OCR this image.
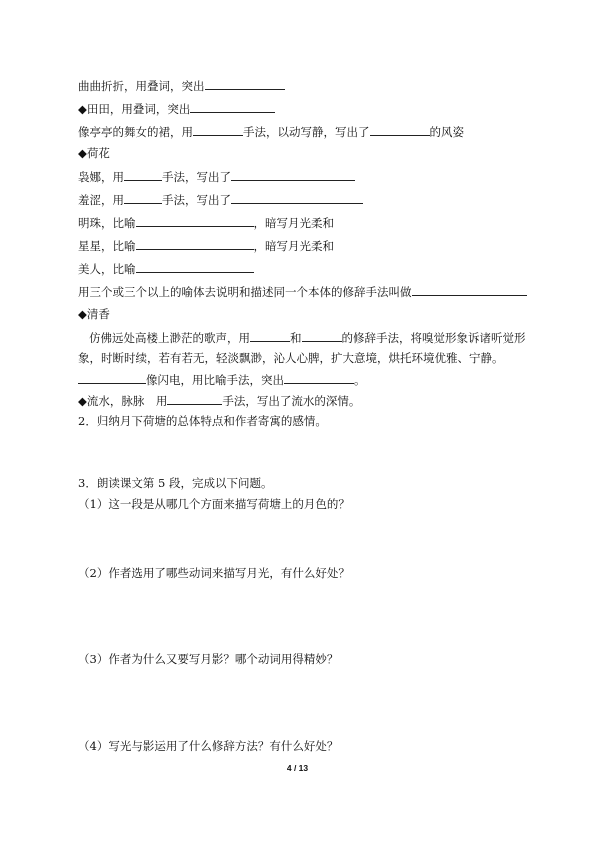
曲曲折折，用叠词，突出
◆田田，用叠词，突出
像亭亭的舞女的裙，用	手法，以动写静，写出了	的风姿
◆荷花
袅娜，用	手法，写出了
羞涩，用	手法，写出了
明珠，比喻	，暗写月光柔和
星星，比喻	，暗写月光柔和
美人，比喻
用三个或三个以上的喻体去说明和描述同一个本体的修辞手法叫做
◆清香
仿佛远处高楼上渺茫的歌声，用	和	的修辞手法，将嗅觉形象诉诸听觉形
象，时断时续，若有若无，轻淡飘渺，沁人心脾，扩大意境，烘托环境优雅、宁静。
像闪电，用比喻手法，突出	。
◆流水，脉脉　用	手法，写出了流水的深情。
2．归纳月下荷塘的总体特点和作者寄寓的感情。
3．朗读课文第 5 段，完成以下问题。
（1）这一段是从哪几个方面来描写荷塘上的月色的？
（2）作者选用了哪些动词来描写月光，有什么好处？
（3）作者为什么又要写月影？哪个动词用得精妙？
（4）写光与影运用了什么修辞方法？有什么好处？
4 / 13
